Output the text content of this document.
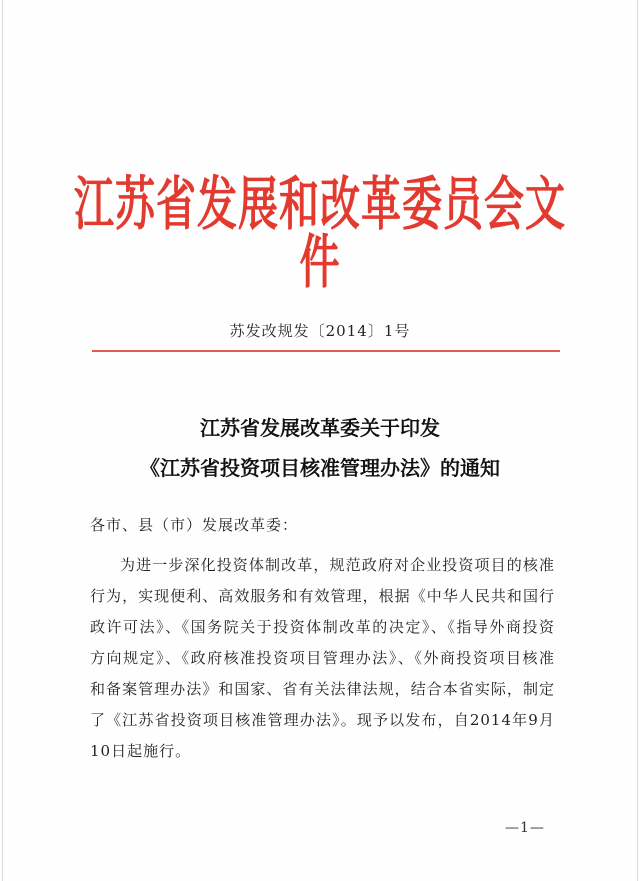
江苏省发展和改革委员会文件
苏发改规发〔2014〕1号
江苏省发展改革委关于印发
《江苏省投资项目核准管理办法》的通知
各市、县（市）发展改革委：

为进一步深化投资体制改革，规范政府对企业投资项目的核准行为，实现便利、高效服务和有效管理，根据《中华人民共和国行政许可法》、《国务院关于投资体制改革的决定》、《指导外商投资方向规定》、《政府核准投资项目管理办法》、《外商投资项目核准和备案管理办法》和国家、省有关法律法规，结合本省实际，制定了《江苏省投资项目核准管理办法》。现予以发布，自2014年9月10日起施行。

—1—
